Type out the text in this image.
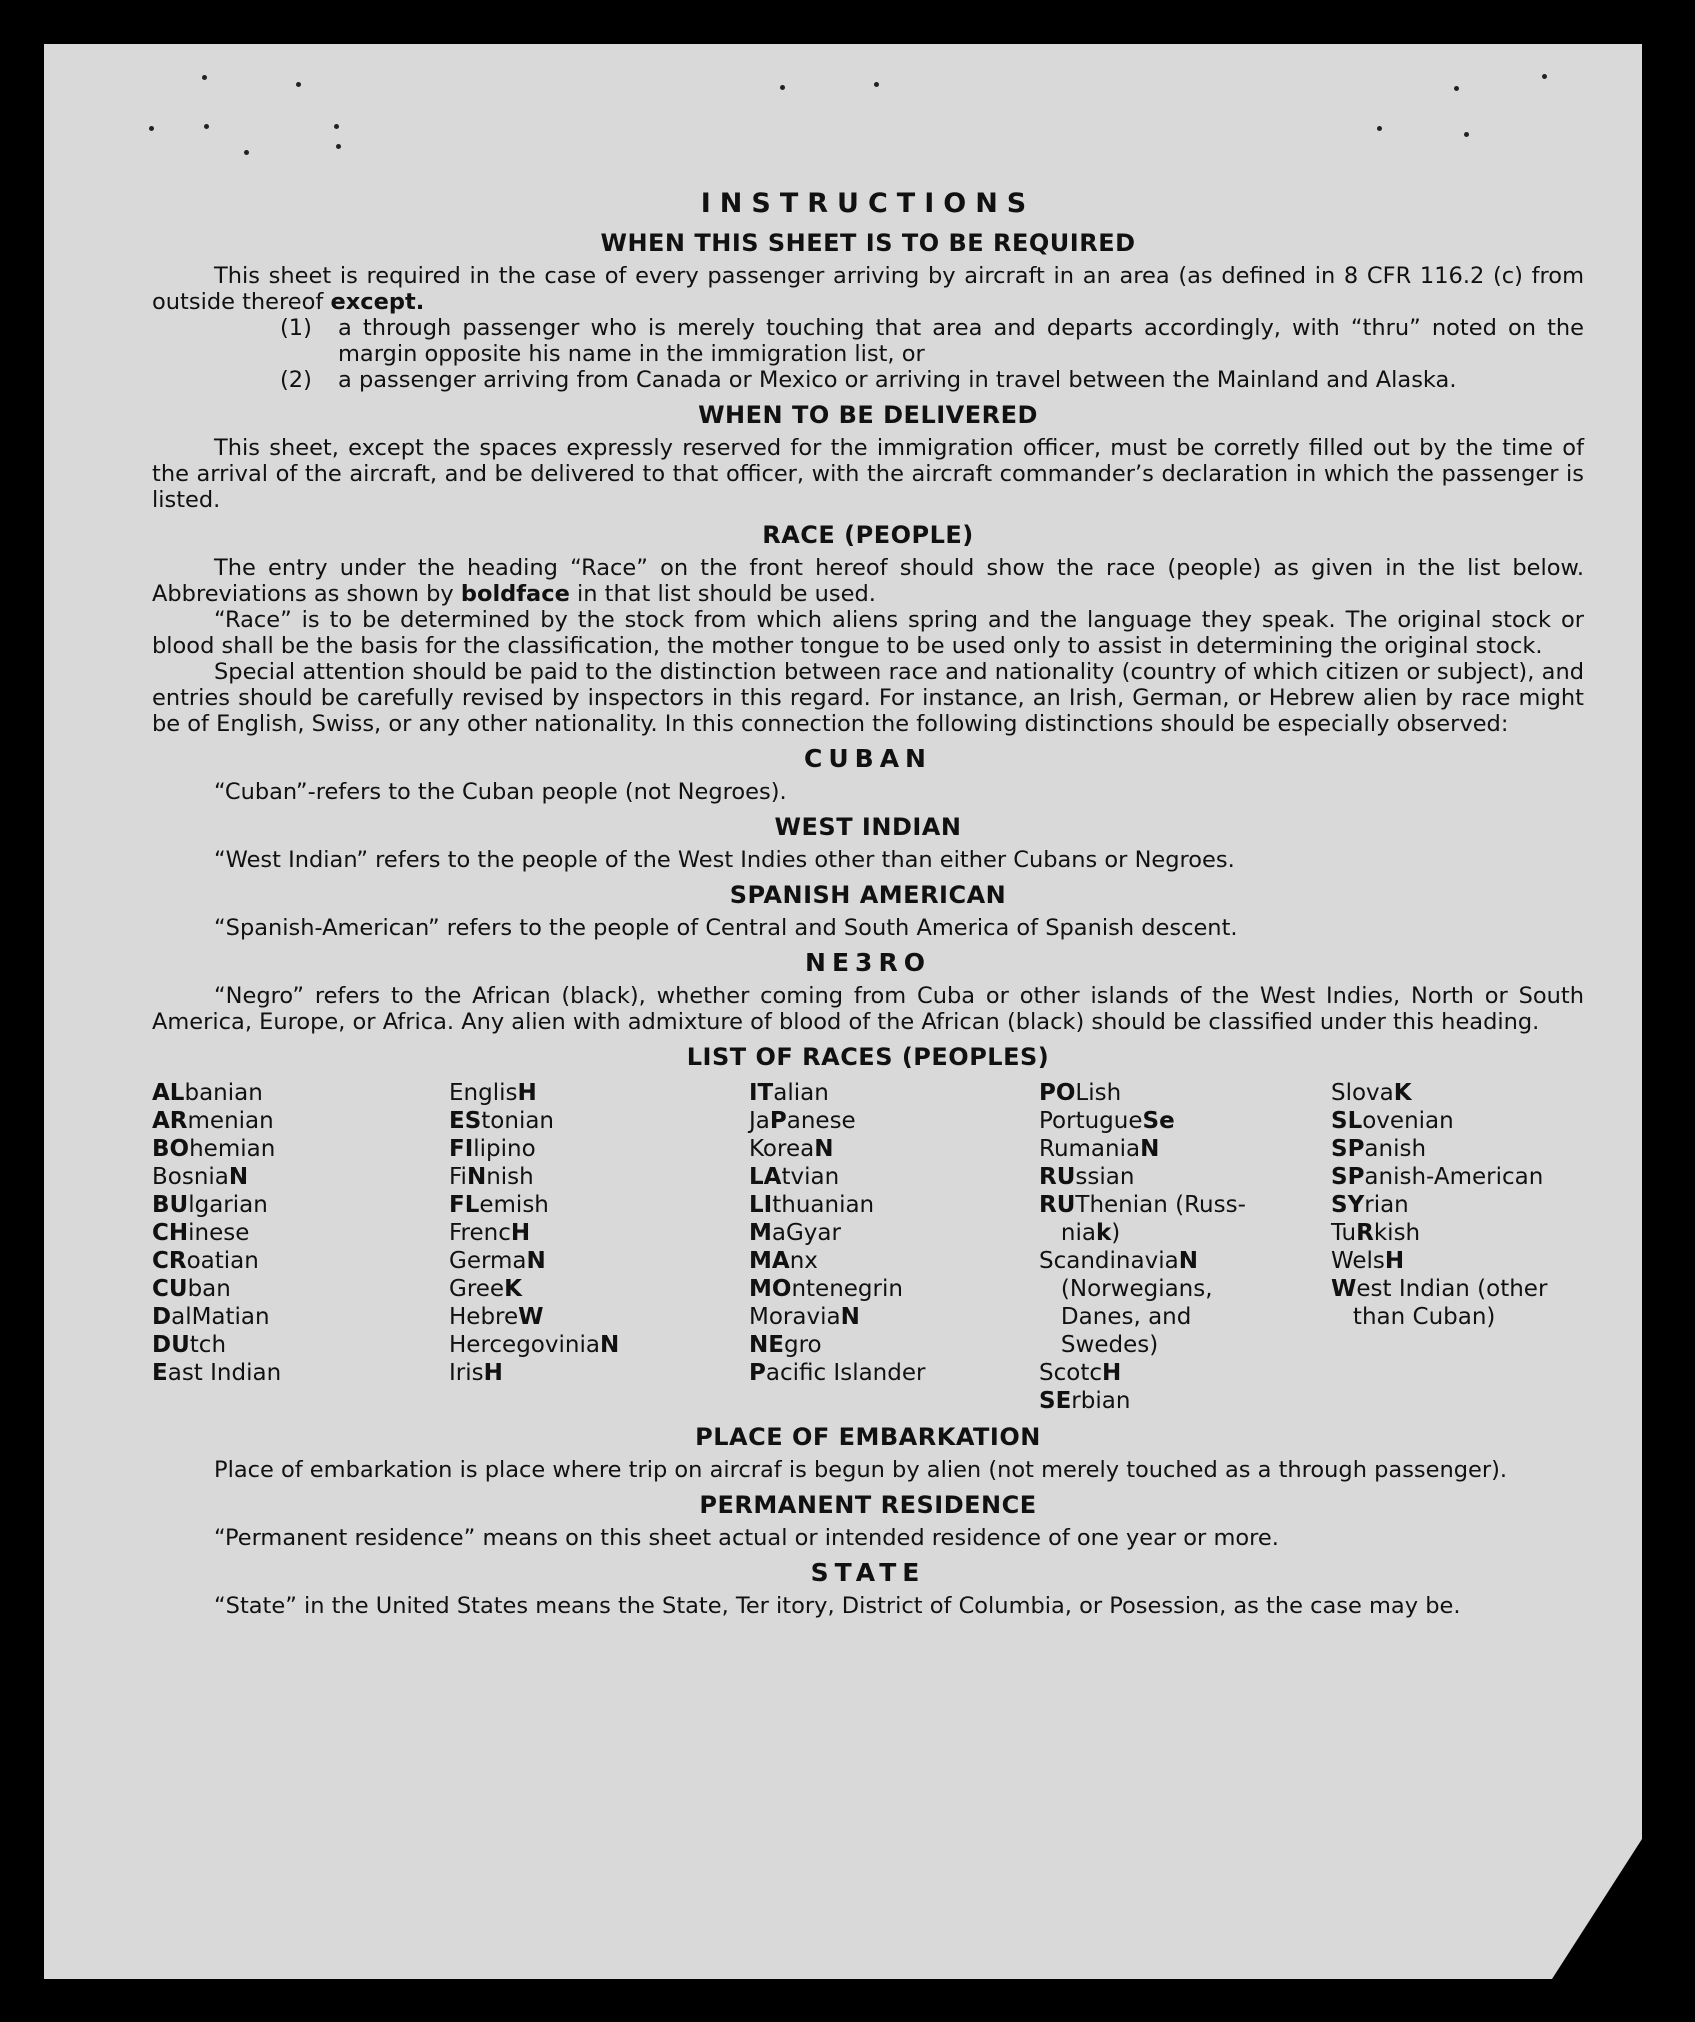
INSTRUCTIONS
WHEN THIS SHEET IS TO BE REQUIRED

This sheet is required in the case of every passenger arriving by aircraft in an area (as defined in 8 CFR 116.2 (c) from outside thereof except.

(1)	a through passenger who is merely touching that area and departs accordingly, with “thru” noted on the margin opposite his name in the immigration list, or
(2)	a passenger arriving from Canada or Mexico or arriving in travel between the Mainland and Alaska.
WHEN TO BE DELIVERED

This sheet, except the spaces expressly reserved for the immigration officer, must be corretly filled out by the time of the arrival of the aircraft, and be delivered to that officer, with the aircraft commander’s declaration in which the passenger is listed.

RACE (PEOPLE)

The entry under the heading “Race” on the front hereof should show the race (people) as given in the list below. Abbreviations as shown by boldface in that list should be used.

“Race” is to be determined by the stock from which aliens spring and the language they speak. The original stock or blood shall be the basis for the classification, the mother tongue to be used only to assist in determining the original stock.

Special attention should be paid to the distinction between race and nationality (country of which citizen or subject), and entries should be carefully revised by inspectors in this regard. For instance, an Irish, German, or Hebrew alien by race might be of English, Swiss, or any other nationality. In this connection the following distinctions should be especially observed:

CUBAN

“Cuban”-refers to the Cuban people (not Negroes).

WEST INDIAN

“West Indian” refers to the people of the West Indies other than either Cubans or Negroes.

SPANISH AMERICAN

“Spanish-American” refers to the people of Central and South America of Spanish descent.

NE3RO

“Negro” refers to the African (black), whether coming from Cuba or other islands of the West Indies, North or South America, Europe, or Africa. Any alien with admixture of blood of the African (black) should be classified under this heading.

LIST OF RACES (PEOPLES)
ALbanian
ARmenian
BOhemian
BosniaN
BUlgarian
CHinese
CRoatian
CUban
DalMatian
DUtch
East Indian
EnglisH
EStonian
FIlipino
FiNnish
FLemish
FrencH
GermaN
GreeK
HebreW
HercegoviniaN
IrisH
ITalian
JaPanese
KoreaN
LAtvian
LIthuanian
MaGyar
MAnx
MOntenegrin
MoraviaN
NEgro
Pacific Islander
POLish
PortugueSe
RumaniaN
RUssian
RUThenian (Russ-
niak)
ScandinaviaN
(Norwegians,
Danes, and
Swedes)
ScotcH
SErbian
SlovaK
SLovenian
SPanish
SPanish-American
SYrian
TuRkish
WelsH
West Indian (other
than Cuban)
PLACE OF EMBARKATION

Place of embarkation is place where trip on aircraf is begun by alien (not merely touched as a through passenger).

PERMANENT RESIDENCE

“Permanent residence” means on this sheet actual or intended residence of one year or more.

STATE

“State” in the United States means the State, Ter itory, District of Columbia, or Posession, as the case may be.
